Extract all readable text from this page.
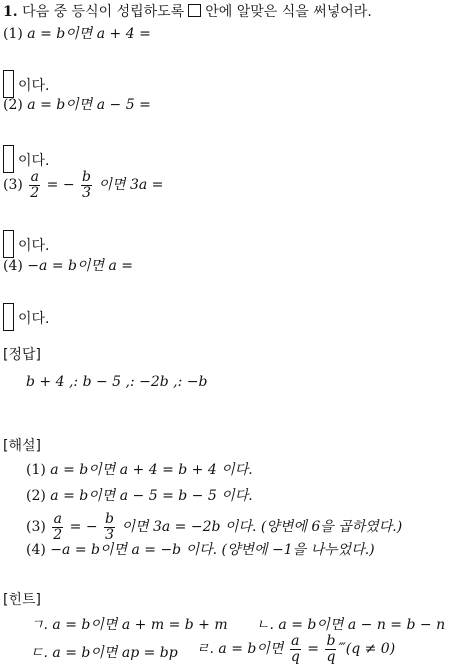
1. 다음 중 등식이 성립하도록 안에 알맞은 식을 써넣어라.
(1) a = b이면 a + 4 =
이다.
(2) a = b이면 a − 5 =
이다.
$(3) \frac{a}{2}$ = − $\frac{b}{3}$ 이면 3a =
이다.
(4) −a = b이면 a =
이다.
[정답]
b + 4 ,: b − 5 ,: −2b ,: −b
[해설]
(1) a = b이면 a + 4 = b + 4 이다.
(2) a = b이면 a − 5 = b − 5 이다.
$(3) \frac{a}{2}$ = − $\frac{b}{3}$ 이면 3a = −2b 이다. (양변에 6을 곱하였다.)
(4) −a = b이면 a = −b 이다. (양변에 −1을 나누었다.)
[힌트]
ㄱ. a = b이면 a + m = b + m ㄴ. a = b이면 a − n = b − n
ㄷ. a = b이면 ap = bp ㄹ. a = b이면 $\frac{a}{q} = \frac{b}{q}$ ‴(q ≠ 0)
